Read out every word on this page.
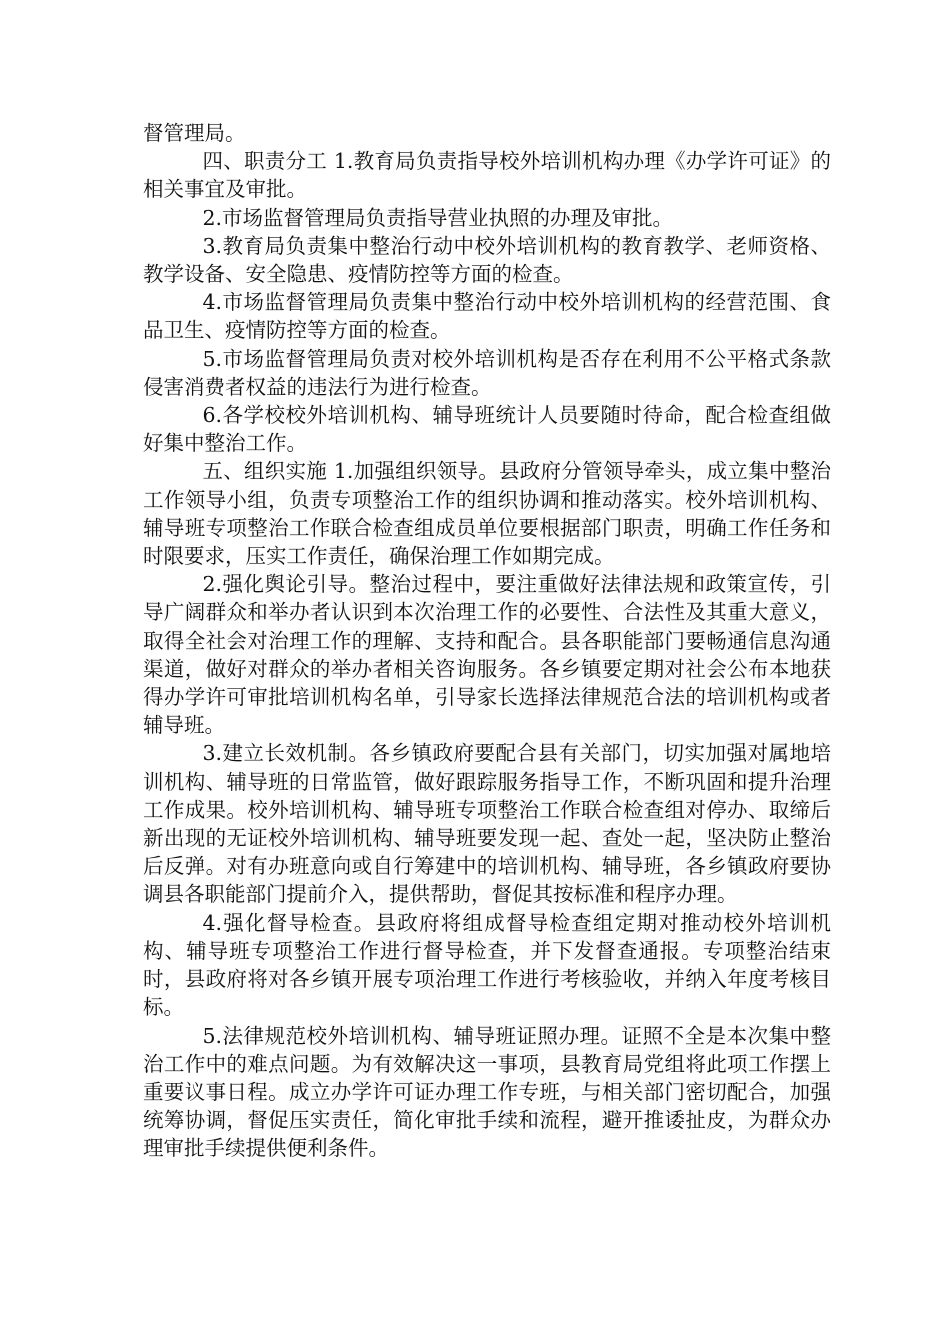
督管理局。

四、职责分工 1.教育局负责指导校外培训机构办理《办学许可证》的相关事宜及审批。

2.市场监督管理局负责指导营业执照的办理及审批。

3.教育局负责集中整治行动中校外培训机构的教育教学、老师资格、教学设备、安全隐患、疫情防控等方面的检查。

4.市场监督管理局负责集中整治行动中校外培训机构的经营范围、食品卫生、疫情防控等方面的检查。

5.市场监督管理局负责对校外培训机构是否存在利用不公平格式条款侵害消费者权益的违法行为进行检查。

6.各学校校外培训机构、辅导班统计人员要随时待命，配合检查组做好集中整治工作。

五、组织实施 1.加强组织领导。县政府分管领导牵头，成立集中整治工作领导小组，负责专项整治工作的组织协调和推动落实。校外培训机构、辅导班专项整治工作联合检查组成员单位要根据部门职责，明确工作任务和时限要求，压实工作责任，确保治理工作如期完成。

2.强化舆论引导。整治过程中，要注重做好法律法规和政策宣传，引导广阔群众和举办者认识到本次治理工作的必要性、合法性及其重大意义，取得全社会对治理工作的理解、支持和配合。县各职能部门要畅通信息沟通渠道，做好对群众的举办者相关咨询服务。各乡镇要定期对社会公布本地获得办学许可审批培训机构名单，引导家长选择法律规范合法的培训机构或者辅导班。

3.建立长效机制。各乡镇政府要配合县有关部门，切实加强对属地培训机构、辅导班的日常监管，做好跟踪服务指导工作，不断巩固和提升治理工作成果。校外培训机构、辅导班专项整治工作联合检查组对停办、取缔后新出现的无证校外培训机构、辅导班要发现一起、查处一起，坚决防止整治后反弹。对有办班意向或自行筹建中的培训机构、辅导班，各乡镇政府要协调县各职能部门提前介入，提供帮助，督促其按标准和程序办理。

4.强化督导检查。县政府将组成督导检查组定期对推动校外培训机构、辅导班专项整治工作进行督导检查，并下发督查通报。专项整治结束时，县政府将对各乡镇开展专项治理工作进行考核验收，并纳入年度考核目标。

5.法律规范校外培训机构、辅导班证照办理。证照不全是本次集中整治工作中的难点问题。为有效解决这一事项，县教育局党组将此项工作摆上重要议事日程。成立办学许可证办理工作专班，与相关部门密切配合，加强统筹协调，督促压实责任，简化审批手续和流程，避开推诿扯皮，为群众办理审批手续提供便利条件。
